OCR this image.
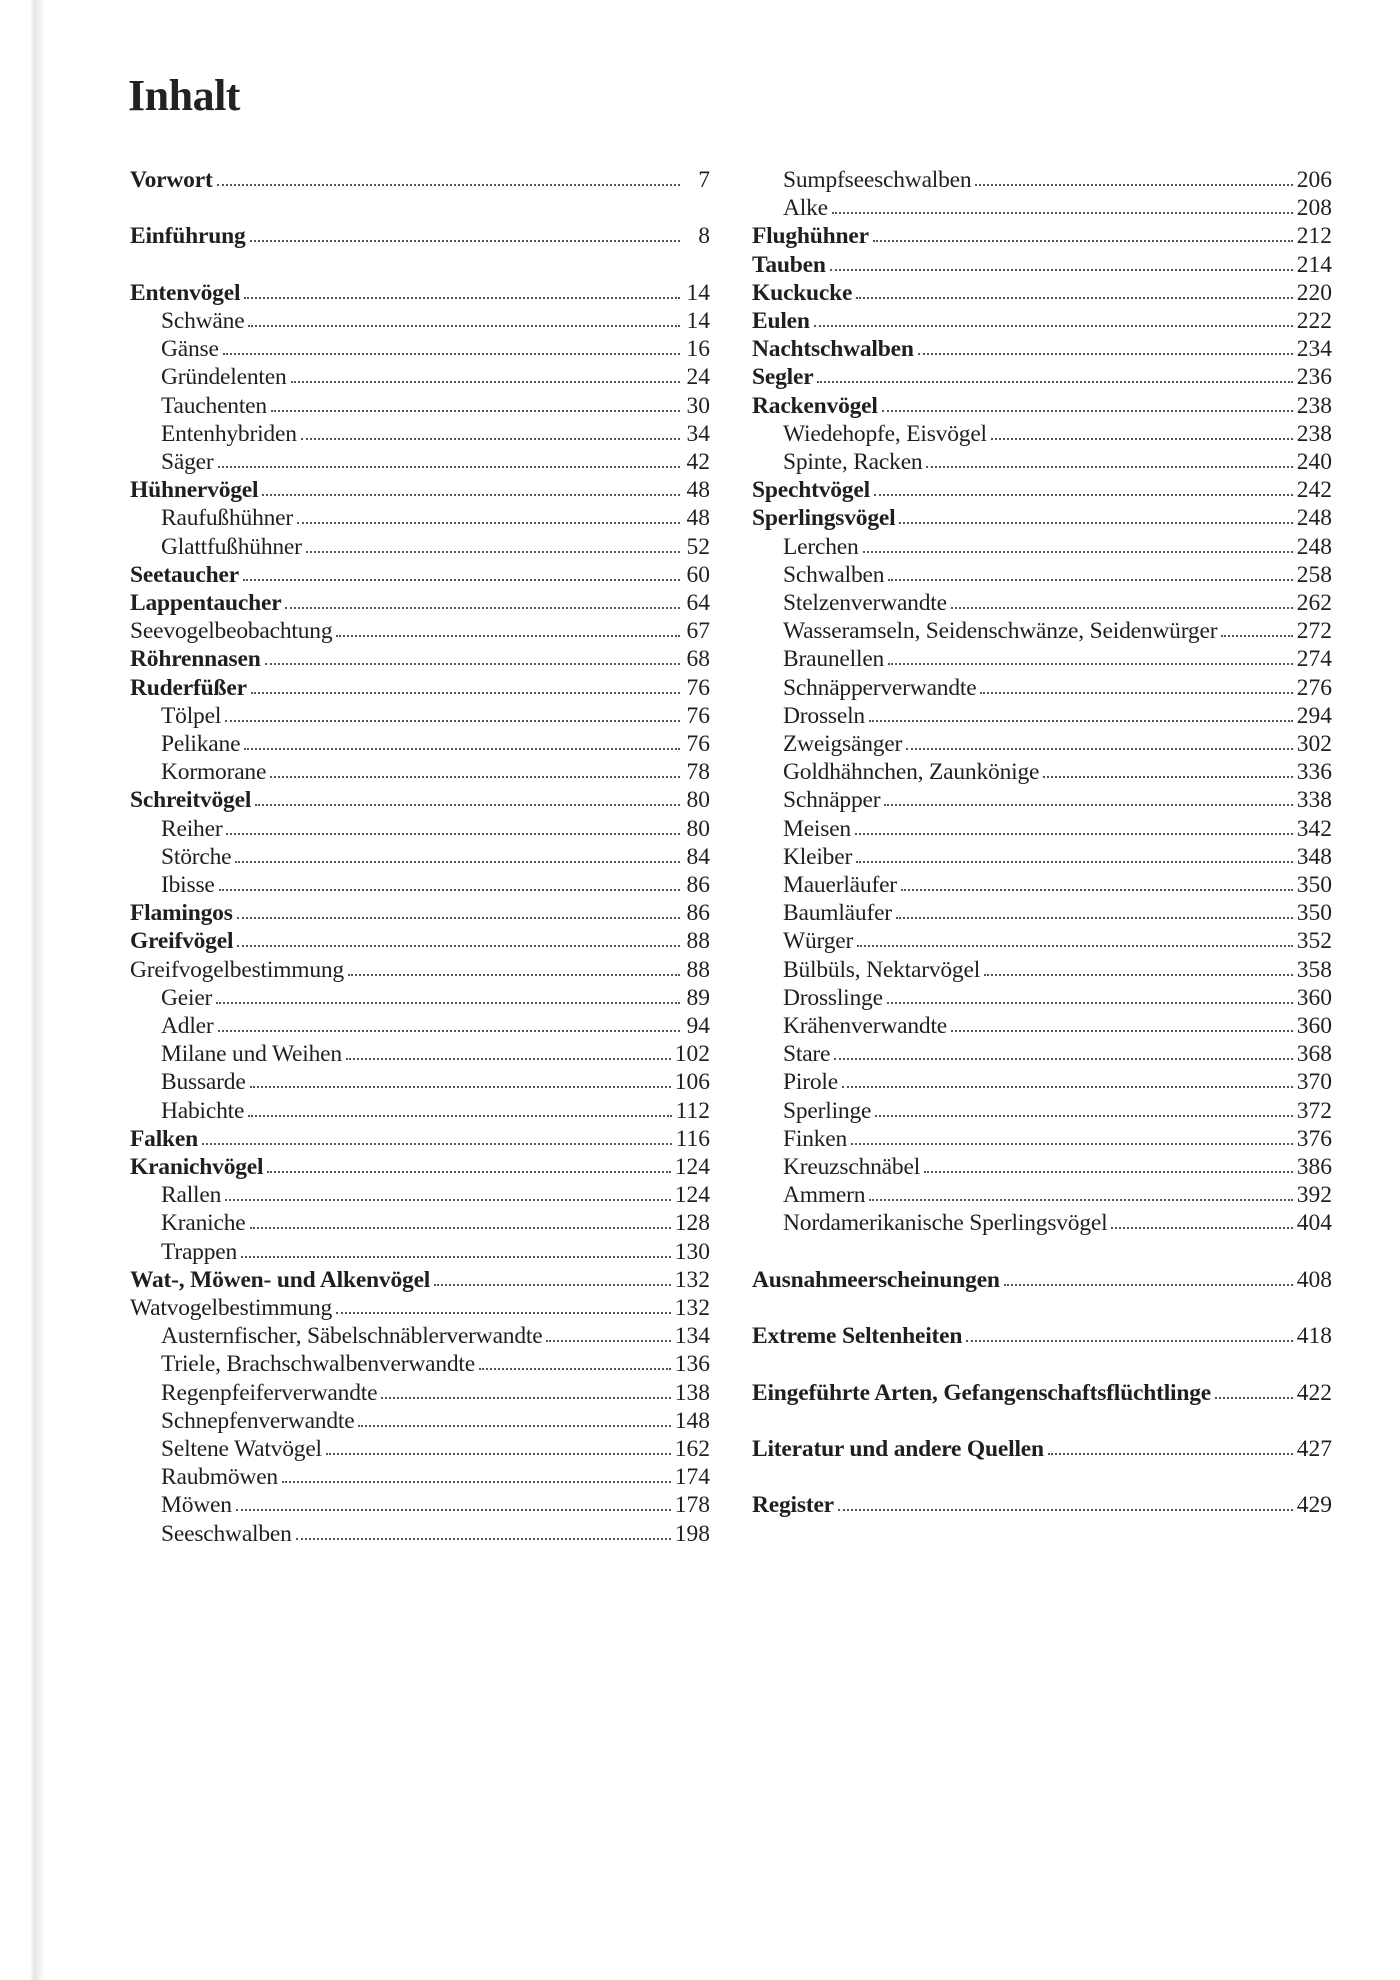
Inhalt
Vorwort	7
Einführung	8
Entenvögel	14
Schwäne	14
Gänse	16
Gründelenten	24
Tauchenten	30
Entenhybriden	34
Säger	42
Hühnervögel	48
Raufußhühner	48
Glattfußhühner	52
Seetaucher	60
Lappentaucher	64
Seevogelbeobachtung	67
Röhrennasen	68
Ruderfüßer	76
Tölpel	76
Pelikane	76
Kormorane	78
Schreitvögel	80
Reiher	80
Störche	84
Ibisse	86
Flamingos	86
Greifvögel	88
Greifvogelbestimmung	88
Geier	89
Adler	94
Milane und Weihen	102
Bussarde	106
Habichte	112
Falken	116
Kranichvögel	124
Rallen	124
Kraniche	128
Trappen	130
Wat-, Möwen- und Alkenvögel	132
Watvogelbestimmung	132
Austernfischer, Säbelschnäblerverwandte	134
Triele, Brachschwalbenverwandte	136
Regenpfeiferverwandte	138
Schnepfenverwandte	148
Seltene Watvögel	162
Raubmöwen	174
Möwen	178
Seeschwalben	198
Sumpfseeschwalben	206
Alke	208
Flughühner	212
Tauben	214
Kuckucke	220
Eulen	222
Nachtschwalben	234
Segler	236
Rackenvögel	238
Wiedehopfe, Eisvögel	238
Spinte, Racken	240
Spechtvögel	242
Sperlingsvögel	248
Lerchen	248
Schwalben	258
Stelzenverwandte	262
Wasseramseln, Seidenschwänze, Seidenwürger	272
Braunellen	274
Schnäpperverwandte	276
Drosseln	294
Zweigsänger	302
Goldhähnchen, Zaunkönige	336
Schnäpper	338
Meisen	342
Kleiber	348
Mauerläufer	350
Baumläufer	350
Würger	352
Bülbüls, Nektarvögel	358
Drosslinge	360
Krähenverwandte	360
Stare	368
Pirole	370
Sperlinge	372
Finken	376
Kreuzschnäbel	386
Ammern	392
Nordamerikanische Sperlingsvögel	404
Ausnahmeerscheinungen	408
Extreme Seltenheiten	418
Eingeführte Arten, Gefangenschaftsflüchtlinge	422
Literatur und andere Quellen	427
Register	429
